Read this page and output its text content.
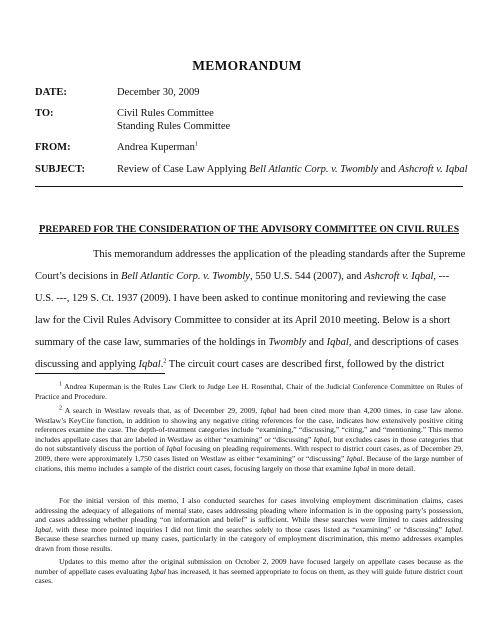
MEMORANDUM
DATE:	December 30, 2009
TO:	Civil Rules Committee
Standing Rules Committee
FROM:	Andrea Kuperman$^1$
SUBJECT:	Review of Case Law Applying Bell Atlantic Corp. v. Twombly and Ashcroft v. Iqbal
PREPARED FOR THE CONSIDERATION OF THE ADVISORY COMMITTEE ON CIVIL RULES
This memorandum addresses the application of the pleading standards after the Supreme
Court’s decisions in Bell Atlantic Corp. v. Twombly, 550 U.S. 544 (2007), and Ashcroft v. Iqbal, ---
U.S. ---, 129 S. Ct. 1937 (2009). I have been asked to continue monitoring and reviewing the case
law for the Civil Rules Advisory Committee to consider at its April 2010 meeting. Below is a short
summary of the case law, summaries of the holdings in Twombly and Iqbal, and descriptions of cases
discussing and applying Iqbal.$^2$ The circuit court cases are described first, followed by the district
$^1$ Andrea Kuperman is the Rules Law Clerk to Judge Lee H. Rosenthal, Chair of the Judicial Conference Committee on Rules of Practice and Procedure.
$^2$ A search in Westlaw reveals that, as of December 29, 2009, Iqbal had been cited more than 4,200 times, in case law alone. Westlaw’s KeyCite function, in addition to showing any negative citing references for the case, indicates how extensively positive citing references examine the case. The depth-of-treatment categories include “examining,” “discussing,” “citing,” and “mentioning.” This memo includes appellate cases that are labeled in Westlaw as either “examining” or “discussing” Iqbal, but excludes cases in those categories that do not substantively discuss the portion of Iqbal focusing on pleading requirements. With respect to district court cases, as of December 29, 2009, there were approximately 1,750 cases listed on Westlaw as either “examining” or “discussing” Iqbal. Because of the large number of citations, this memo includes a sample of the district court cases, focusing largely on those that examine Iqbal in more detail.
For the initial version of this memo, I also conducted searches for cases involving employment discrimination claims, cases addressing the adequacy of allegations of mental state, cases addressing pleading where information is in the opposing party’s possession, and cases addressing whether pleading “on information and belief” is sufficient. While these searches were limited to cases addressing Iqbal, with these more pointed inquiries I did not limit the searches solely to those cases listed as “examining” or “discussing” Iqbal. Because these searches turned up many cases, particularly in the category of employment discrimination, this memo addresses examples drawn from those results.
Updates to this memo after the original submission on October 2, 2009 have focused largely on appellate cases because as the number of appellate cases evaluating Iqbal has increased, it has seemed appropriate to focus on them, as they will guide future district court cases.
